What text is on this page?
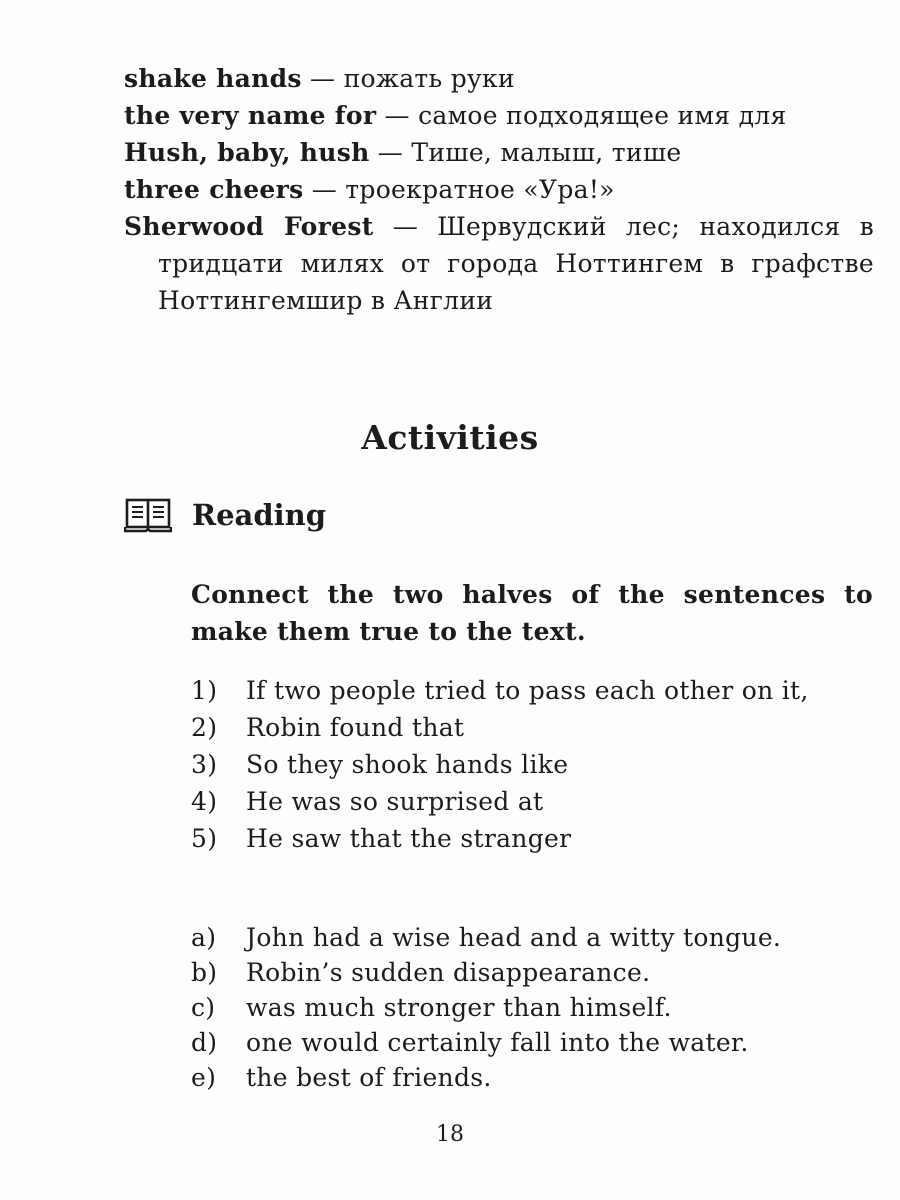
shake hands — пожать руки

the very name for — самое подходящее имя для

Hush, baby, hush — Тише, малыш, тише

three cheers — троекратное «Ура!»

Sherwood Forest — Шервудский лес; находился в тридцати милях от города Ноттингем в графстве Ноттингемшир в Англии

Activities
Reading
Connect the two halves of the sentences to make them true to the text.
1)	If two people tried to pass each other on it,
2)	Robin found that
3)	So they shook hands like
4)	He was so surprised at
5)	He saw that the stranger
a)	John had a wise head and a witty tongue.
b)	Robin’s sudden disappearance.
c)	was much stronger than himself.
d)	one would certainly fall into the water.
e)	the best of friends.
18
